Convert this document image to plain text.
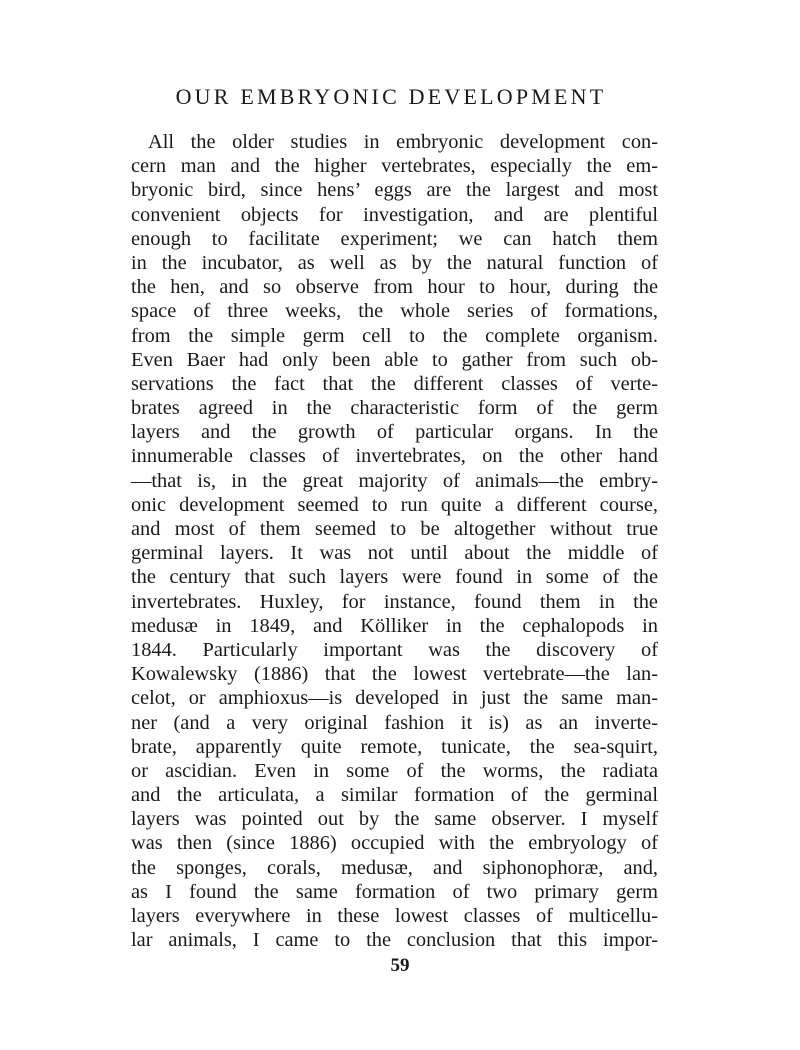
OUR EMBRYONIC DEVELOPMENT
All the older studies in embryonic development con-
cern man and the higher vertebrates, especially the em-
bryonic bird, since hens’ eggs are the largest and most
convenient objects for investigation, and are plentiful
enough to facilitate experiment; we can hatch them
in the incubator, as well as by the natural function of
the hen, and so observe from hour to hour, during the
space of three weeks, the whole series of formations,
from the simple germ cell to the complete organism.
Even Baer had only been able to gather from such ob-
servations the fact that the different classes of verte-
brates agreed in the characteristic form of the germ
layers and the growth of particular organs. In the
innumerable classes of invertebrates, on the other hand
—that is, in the great majority of animals—the embry-
onic development seemed to run quite a different course,
and most of them seemed to be altogether without true
germinal layers. It was not until about the middle of
the century that such layers were found in some of the
invertebrates. Huxley, for instance, found them in the
medusæ in 1849, and Kölliker in the cephalopods in
1844. Particularly important was the discovery of
Kowalewsky (1886) that the lowest vertebrate—the lan-
celot, or amphioxus—is developed in just the same man-
ner (and a very original fashion it is) as an inverte-
brate, apparently quite remote, tunicate, the sea-squirt,
or ascidian. Even in some of the worms, the radiata
and the articulata, a similar formation of the germinal
layers was pointed out by the same observer. I myself
was then (since 1886) occupied with the embryology of
the sponges, corals, medusæ, and siphonophoræ, and,
as I found the same formation of two primary germ
layers everywhere in these lowest classes of multicellu-
lar animals, I came to the conclusion that this impor-
59
